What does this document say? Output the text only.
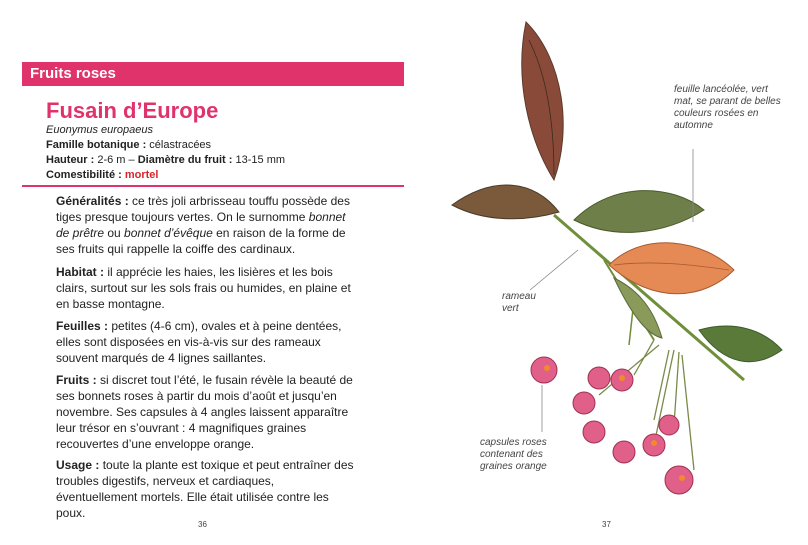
Fruits roses
Fusain d’Europe
Euonymus europaeus
Famille botanique : célastracées
Hauteur : 2-6 m – Diamètre du fruit : 13-15 mm
Comestibilité : mortel
Généralités : ce très joli arbrisseau touffu possède des tiges presque toujours vertes. On le surnomme bonnet de prêtre ou bonnet d’évêque en raison de la forme de ses fruits qui rappelle la coiffe des cardinaux.
Habitat : il apprécie les haies, les lisières et les bois clairs, surtout sur les sols frais ou humides, en plaine et en basse montagne.
Feuilles : petites (4-6 cm), ovales et à peine dentées, elles sont disposées en vis-à-vis sur des rameaux souvent marqués de 4 lignes saillantes.
Fruits : si discret tout l’été, le fusain révèle la beauté de ses bonnets roses à partir du mois d’août et jusqu’en novembre. Ses capsules à 4 angles laissent apparaître leur trésor en s’ouvrant : 4 magnifiques graines recouvertes d’une enveloppe orange.
Usage : toute la plante est toxique et peut entraîner des troubles digestifs, nerveux et cardiaques, éventuellement mortels. Elle était utilisée contre les poux.
36
feuille lancéolée, vert mat, se parant de belles couleurs rosées en automne
rameau vert
capsules roses contenant des graines orange
37
